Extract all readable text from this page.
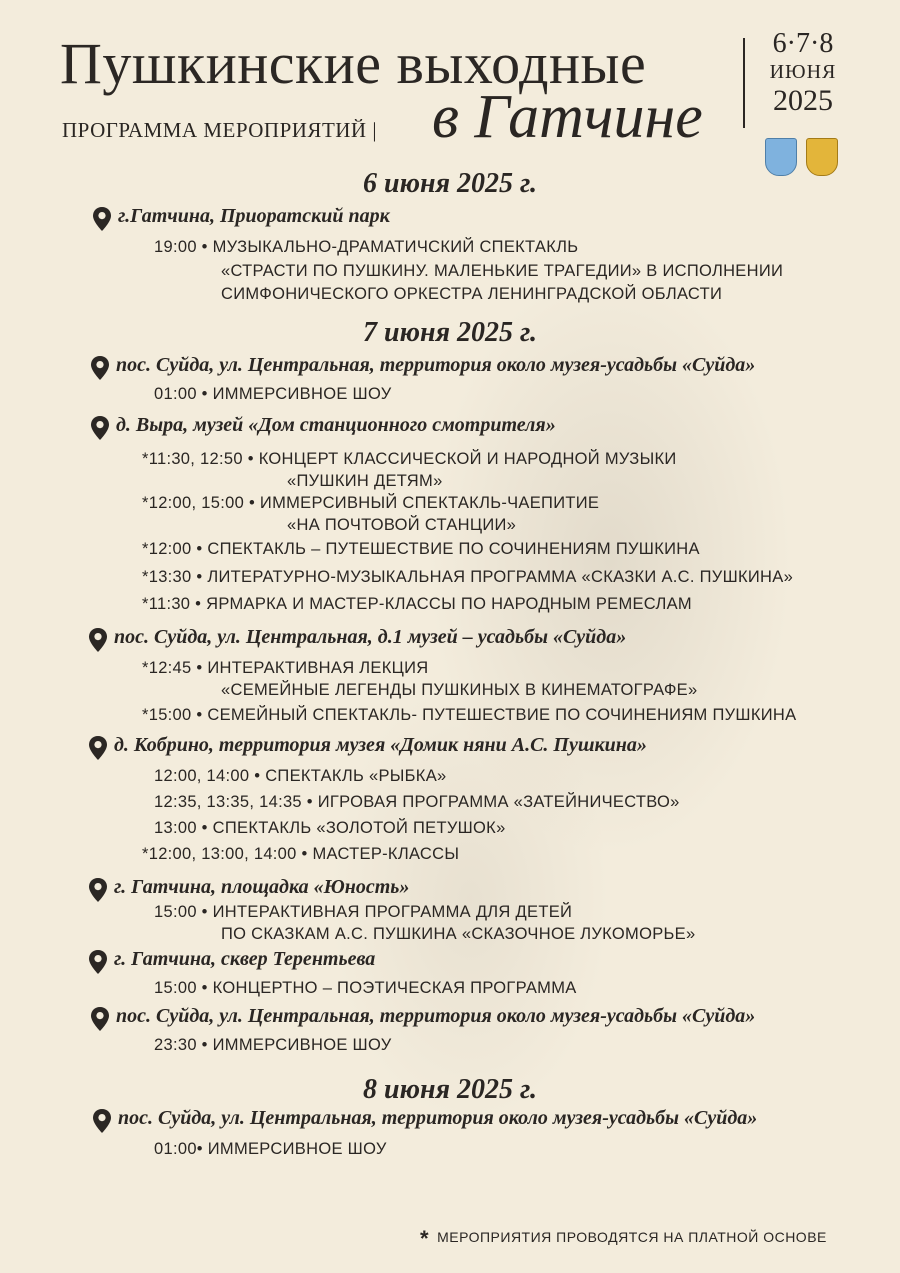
Пушкинские выходные
ПРОГРАММА МЕРОПРИЯТИЙ | в Гатчине
6·7·8
ИЮНЯ
2025
6 июня 2025 г.
г.Гатчина, Приоратский парк
19:00 • МУЗЫКАЛЬНО-ДРАМАТИЧСКИЙ СПЕКТАКЛЬ
«СТРАСТИ ПО ПУШКИНУ. МАЛЕНЬКИЕ ТРАГЕДИИ» В ИСПОЛНЕНИИ
СИМФОНИЧЕСКОГО ОРКЕСТРА ЛЕНИНГРАДСКОЙ ОБЛАСТИ
7 июня 2025 г.
пос. Суйда, ул. Центральная, территория около музея-усадьбы «Суйда»
01:00 • ИММЕРСИВНОЕ ШОУ
д. Выра, музей «Дом станционного смотрителя»
*11:30, 12:50 • КОНЦЕРТ КЛАССИЧЕСКОЙ И НАРОДНОЙ МУЗЫКИ
«ПУШКИН ДЕТЯМ»
*12:00, 15:00 • ИММЕРСИВНЫЙ СПЕКТАКЛЬ-ЧАЕПИТИЕ
«НА ПОЧТОВОЙ СТАНЦИИ»
*12:00 • СПЕКТАКЛЬ – ПУТЕШЕСТВИЕ ПО СОЧИНЕНИЯМ ПУШКИНА
*13:30 • ЛИТЕРАТУРНО-МУЗЫКАЛЬНАЯ ПРОГРАММА «СКАЗКИ А.С. ПУШКИНА»
*11:30 • ЯРМАРКА И МАСТЕР-КЛАССЫ ПО НАРОДНЫМ РЕМЕСЛАМ
пос. Суйда, ул. Центральная, д.1 музей – усадьбы «Суйда»
*12:45 • ИНТЕРАКТИВНАЯ ЛЕКЦИЯ
«СЕМЕЙНЫЕ ЛЕГЕНДЫ ПУШКИНЫХ В КИНЕМАТОГРАФЕ»
*15:00 • СЕМЕЙНЫЙ СПЕКТАКЛЬ- ПУТЕШЕСТВИЕ ПО СОЧИНЕНИЯМ ПУШКИНА
д. Кобрино, территория музея «Домик няни А.С. Пушкина»
12:00, 14:00 • СПЕКТАКЛЬ «РЫБКА»
12:35, 13:35, 14:35 • ИГРОВАЯ ПРОГРАММА «ЗАТЕЙНИЧЕСТВО»
13:00 • СПЕКТАКЛЬ «ЗОЛОТОЙ ПЕТУШОК»
*12:00, 13:00, 14:00 • МАСТЕР-КЛАССЫ
г. Гатчина, площадка «Юность»
15:00 • ИНТЕРАКТИВНАЯ ПРОГРАММА ДЛЯ ДЕТЕЙ
ПО СКАЗКАМ А.С. ПУШКИНА «СКАЗОЧНОЕ ЛУКОМОРЬЕ»
г. Гатчина, сквер Терентьева
15:00 • КОНЦЕРТНО – ПОЭТИЧЕСКАЯ ПРОГРАММА
пос. Суйда, ул. Центральная, территория около музея-усадьбы «Суйда»
23:30 • ИММЕРСИВНОЕ ШОУ
8 июня 2025 г.
пос. Суйда, ул. Центральная, территория около музея-усадьбы «Суйда»
01:00• ИММЕРСИВНОЕ ШОУ
* МЕРОПРИЯТИЯ ПРОВОДЯТСЯ НА ПЛАТНОЙ ОСНОВЕ
